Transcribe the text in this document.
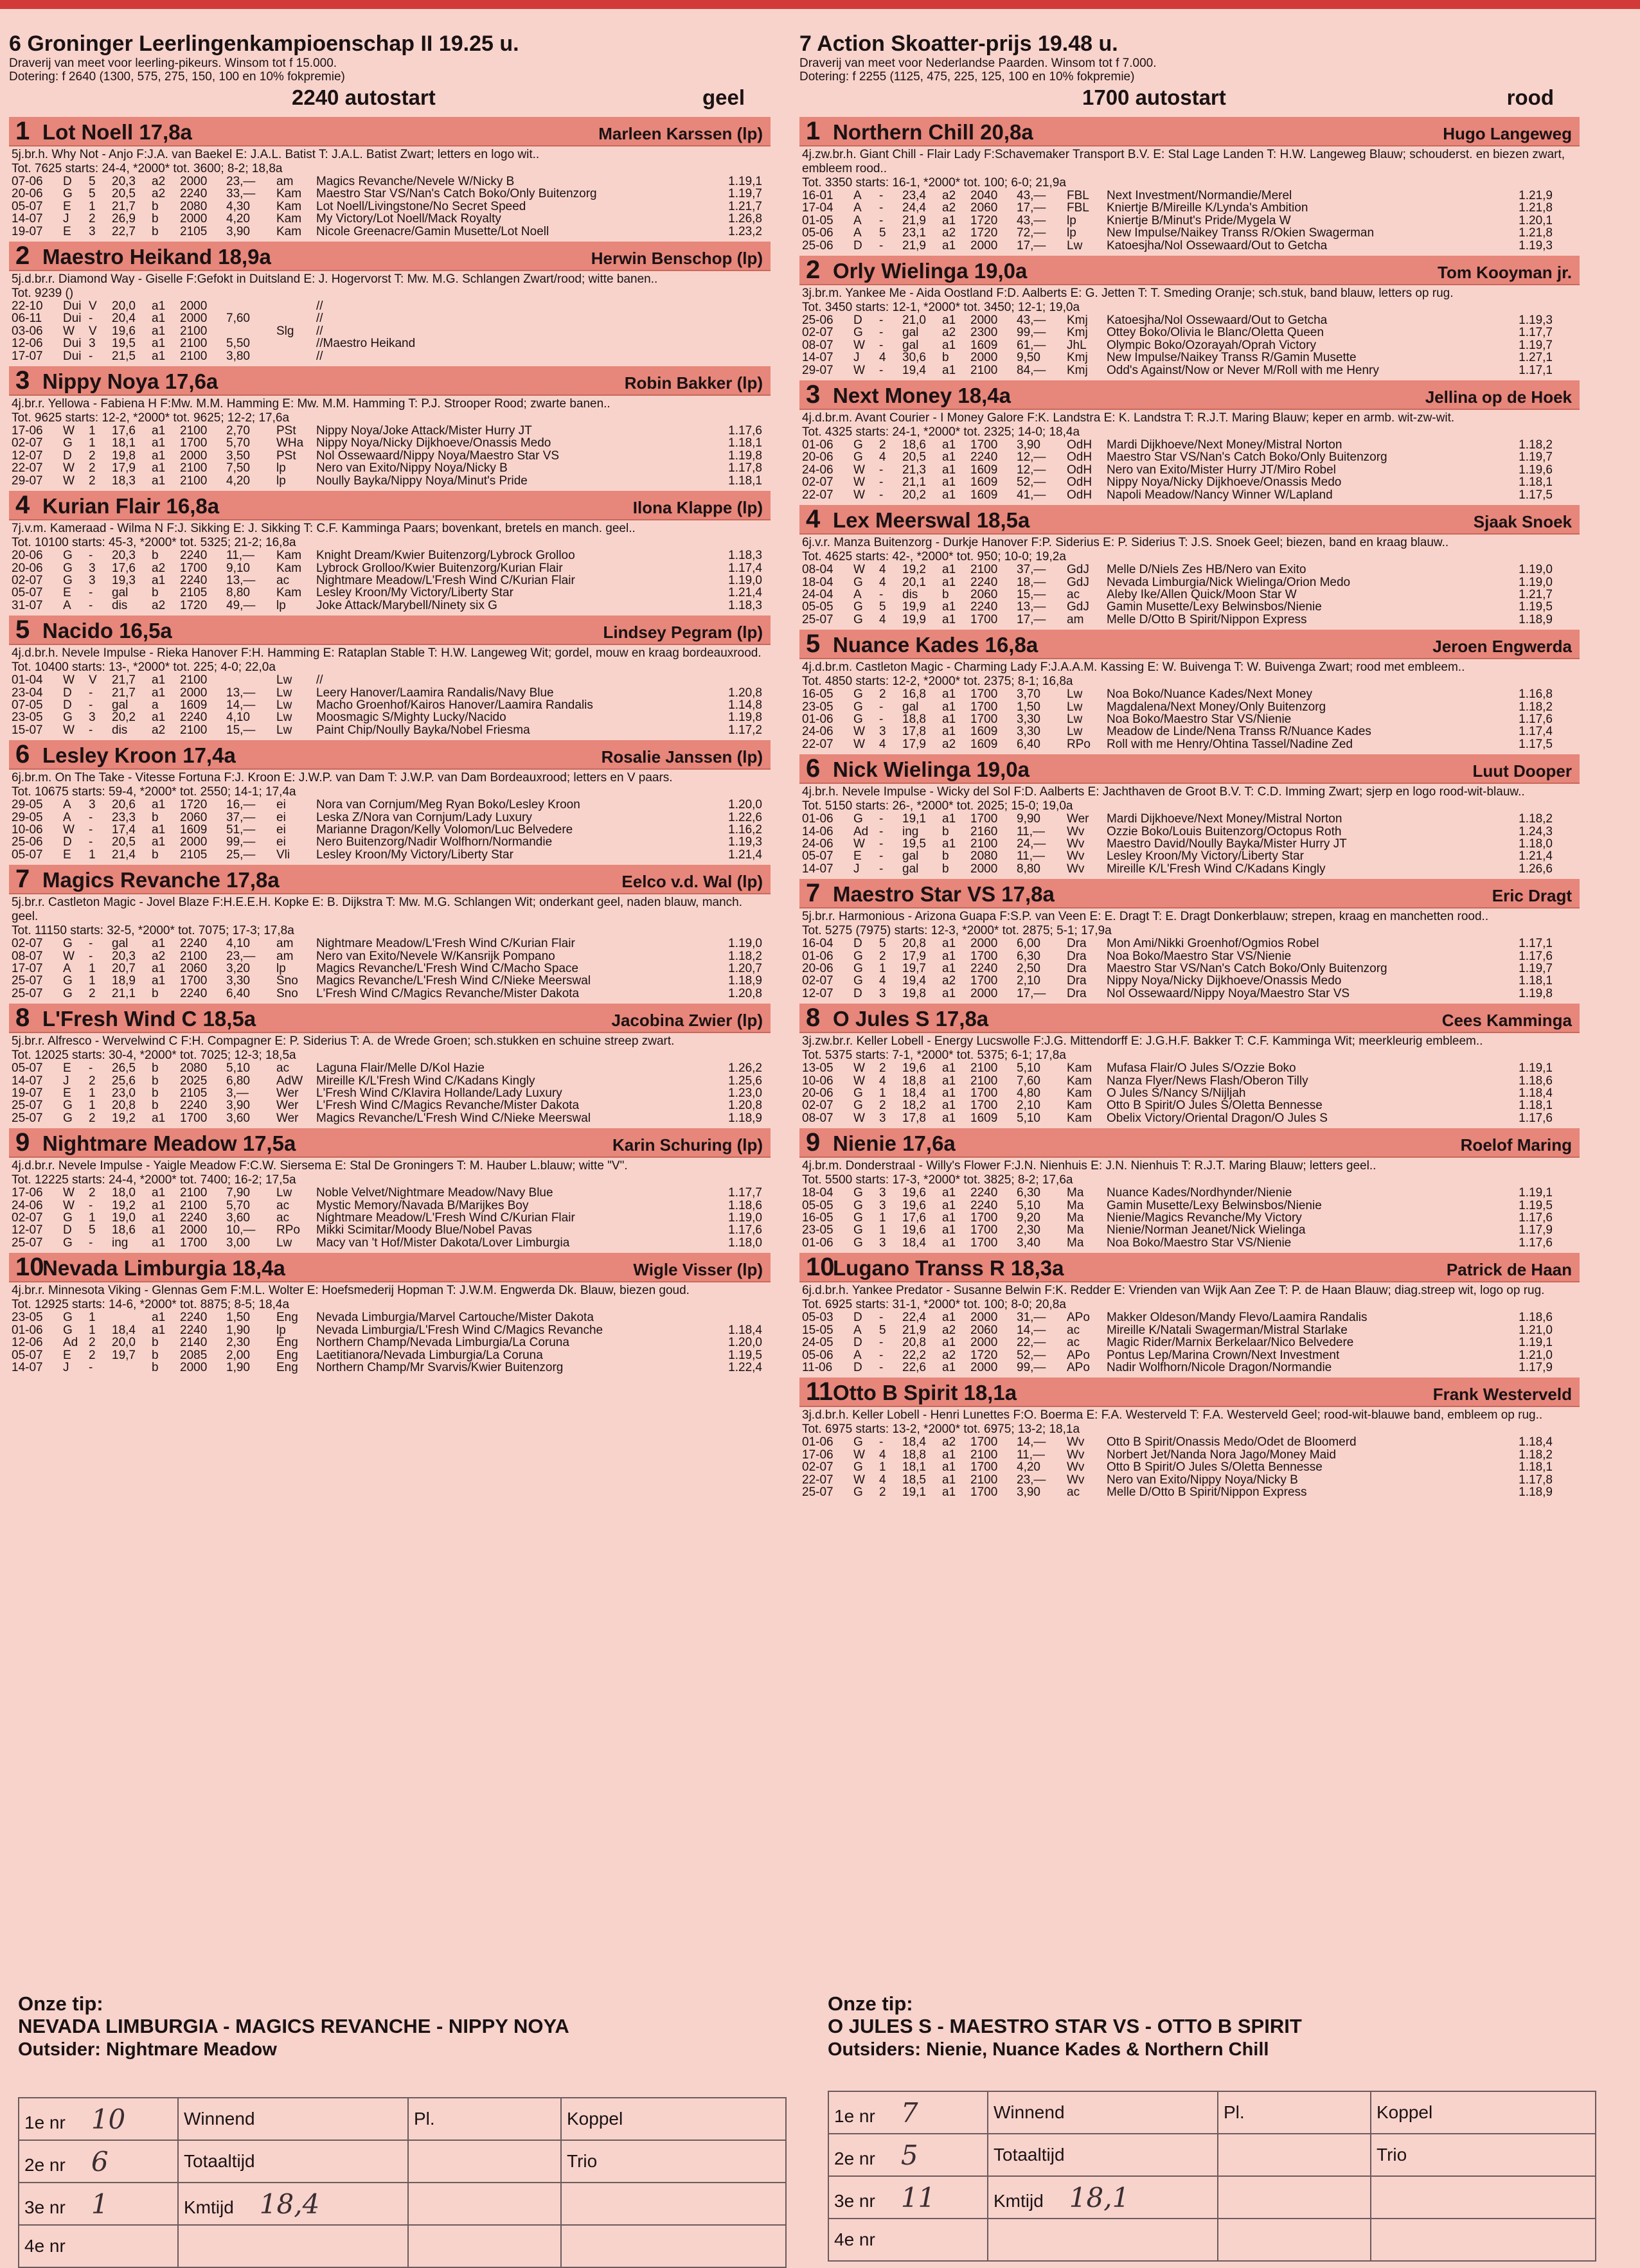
6 Groninger Leerlingenkampioenschap II 19.25 u.
Draverij van meet voor leerling-pikeurs. Winsom tot f 15.000.
Dotering: f 2640 (1300, 575, 275, 150, 100 en 10% fokpremie)
2240 autostart	geel
1 Lot Noell 17,8a	Marleen Karssen (lp)
5j.br.h. Why Not - Anjo F:J.A. van Baekel E: J.A.L. Batist T: J.A.L. Batist Zwart; letters en logo wit..
Tot. 7625 starts: 24-4, *2000* tot. 3600; 8-2; 18,8a
07-06	D	5	20,3	a2	2000	23,—	am	Magics Revanche/Nevele W/Nicky B	1.19,1
20-06	G	5	20,5	a2	2240	33,—	Kam	Maestro Star VS/Nan's Catch Boko/Only Buitenzorg	1.19,7
05-07	E	1	21,7	b	2080	4,30	Kam	Lot Noell/Livingstone/No Secret Speed	1.21,7
14-07	J	2	26,9	b	2000	4,20	Kam	My Victory/Lot Noell/Mack Royalty	1.26,8
19-07	E	3	22,7	b	2105	3,90	Kam	Nicole Greenacre/Gamin Musette/Lot Noell	1.23,2
2 Maestro Heikand 18,9a	Herwin Benschop (lp)
5j.d.br.r. Diamond Way - Giselle F:Gefokt in Duitsland E: J. Hogervorst T: Mw. M.G. Schlangen Zwart/rood; witte banen..
Tot. 9239 ()
22-10	Dui	V	20,0	a1	2000			//	
06-11	Dui	-	20,4	a1	2000	7,60		//	
03-06	W	V	19,6	a1	2100		Slg	//	
12-06	Dui	3	19,5	a1	2100	5,50		//Maestro Heikand	
17-07	Dui	-	21,5	a1	2100	3,80		//	
3 Nippy Noya 17,6a	Robin Bakker (lp)
4j.br.r. Yellowa - Fabiena H F:Mw. M.M. Hamming E: Mw. M.M. Hamming T: P.J. Strooper Rood; zwarte banen..
Tot. 9625 starts: 12-2, *2000* tot. 9625; 12-2; 17,6a
17-06	W	1	17,6	a1	2100	2,70	PSt	Nippy Noya/Joke Attack/Mister Hurry JT	1.17,6
02-07	G	1	18,1	a1	1700	5,70	WHa	Nippy Noya/Nicky Dijkhoeve/Onassis Medo	1.18,1
12-07	D	2	19,8	a1	2000	3,50	PSt	Nol Ossewaard/Nippy Noya/Maestro Star VS	1.19,8
22-07	W	2	17,9	a1	2100	7,50	lp	Nero van Exito/Nippy Noya/Nicky B	1.17,8
29-07	W	2	18,3	a1	2100	4,20	lp	Noully Bayka/Nippy Noya/Minut's Pride	1.18,1
4 Kurian Flair 16,8a	Ilona Klappe (lp)
7j.v.m. Kameraad - Wilma N F:J. Sikking E: J. Sikking T: C.F. Kamminga Paars; bovenkant, bretels en manch. geel..
Tot. 10100 starts: 45-3, *2000* tot. 5325; 21-2; 16,8a
20-06	G	-	20,3	b	2240	11,—	Kam	Knight Dream/Kwier Buitenzorg/Lybrock Grolloo	1.18,3
20-06	G	3	17,6	a2	1700	9,10	Kam	Lybrock Grolloo/Kwier Buitenzorg/Kurian Flair	1.17,4
02-07	G	3	19,3	a1	2240	13,—	ac	Nightmare Meadow/L'Fresh Wind C/Kurian Flair	1.19,0
05-07	E	-	gal	b	2105	8,80	Kam	Lesley Kroon/My Victory/Liberty Star	1.21,4
31-07	A	-	dis	a2	1720	49,—	lp	Joke Attack/Marybell/Ninety six G	1.18,3
5 Nacido 16,5a	Lindsey Pegram (lp)
4j.d.br.h. Nevele Impulse - Rieka Hanover F:H. Hamming E: Rataplan Stable T: H.W. Langeweg Wit; gordel, mouw en kraag bordeauxrood.
Tot. 10400 starts: 13-, *2000* tot. 225; 4-0; 22,0a
01-04	W	V	21,7	a1	2100		Lw	//	
23-04	D	-	21,7	a1	2000	13,—	Lw	Leery Hanover/Laamira Randalis/Navy Blue	1.20,8
07-05	D	-	gal	a	1609	14,—	Lw	Macho Groenhof/Kairos Hanover/Laamira Randalis	1.14,8
23-05	G	3	20,2	a1	2240	4,10	Lw	Moosmagic S/Mighty Lucky/Nacido	1.19,8
15-07	W	-	dis	a2	2100	15,—	Lw	Paint Chip/Noully Bayka/Nobel Friesma	1.17,2
6 Lesley Kroon 17,4a	Rosalie Janssen (lp)
6j.br.m. On The Take - Vitesse Fortuna F:J. Kroon E: J.W.P. van Dam T: J.W.P. van Dam Bordeauxrood; letters en V paars.
Tot. 10675 starts: 59-4, *2000* tot. 2550; 14-1; 17,4a
29-05	A	3	20,6	a1	1720	16,—	ei	Nora van Cornjum/Meg Ryan Boko/Lesley Kroon	1.20,0
29-05	A	-	23,3	b	2060	37,—	ei	Leska Z/Nora van Cornjum/Lady Luxury	1.22,6
10-06	W	-	17,4	a1	1609	51,—	ei	Marianne Dragon/Kelly Volomon/Luc Belvedere	1.16,2
25-06	D	-	20,5	a1	2000	99,—	ei	Nero Buitenzorg/Nadir Wolfhorn/Normandie	1.19,3
05-07	E	1	21,4	b	2105	25,—	Vli	Lesley Kroon/My Victory/Liberty Star	1.21,4
7 Magics Revanche 17,8a	Eelco v.d. Wal (lp)
5j.br.r. Castleton Magic - Jovel Blaze F:H.E.E.H. Kopke E: B. Dijkstra T: Mw. M.G. Schlangen Wit; onderkant geel, naden blauw, manch. geel.
Tot. 11150 starts: 32-5, *2000* tot. 7075; 17-3; 17,8a
02-07	G	-	gal	a1	2240	4,10	am	Nightmare Meadow/L'Fresh Wind C/Kurian Flair	1.19,0
08-07	W	-	20,3	a2	2100	23,—	am	Nero van Exito/Nevele W/Kansrijk Pompano	1.18,2
17-07	A	1	20,7	a1	2060	3,20	lp	Magics Revanche/L'Fresh Wind C/Macho Space	1.20,7
25-07	G	1	18,9	a1	1700	3,30	Sno	Magics Revanche/L'Fresh Wind C/Nieke Meerswal	1.18,9
25-07	G	2	21,1	b	2240	6,40	Sno	L'Fresh Wind C/Magics Revanche/Mister Dakota	1.20,8
8 L'Fresh Wind C 18,5a	Jacobina Zwier (lp)
5j.br.r. Alfresco - Wervelwind C F:H. Compagner E: P. Siderius T: A. de Wrede Groen; sch.stukken en schuine streep zwart.
Tot. 12025 starts: 30-4, *2000* tot. 7025; 12-3; 18,5a
05-07	E	-	26,5	b	2080	5,10	ac	Laguna Flair/Melle D/Kol Hazie	1.26,2
14-07	J	2	25,6	b	2025	6,80	AdW	Mireille K/L'Fresh Wind C/Kadans Kingly	1.25,6
19-07	E	1	23,0	b	2105	3,—	Wer	L'Fresh Wind C/Klavira Hollande/Lady Luxury	1.23,0
25-07	G	1	20,8	b	2240	3,90	Wer	L'Fresh Wind C/Magics Revanche/Mister Dakota	1.20,8
25-07	G	2	19,2	a1	1700	3,60	Wer	Magics Revanche/L'Fresh Wind C/Nieke Meerswal	1.18,9
9 Nightmare Meadow 17,5a	Karin Schuring (lp)
4j.d.br.r. Nevele Impulse - Yaigle Meadow F:C.W. Siersema E: Stal De Groningers T: M. Hauber L.blauw; witte "V".
Tot. 12225 starts: 24-4, *2000* tot. 7400; 16-2; 17,5a
17-06	W	2	18,0	a1	2100	7,90	Lw	Noble Velvet/Nightmare Meadow/Navy Blue	1.17,7
24-06	W	-	19,2	a1	2100	5,70	ac	Mystic Memory/Navada B/Marijkes Boy	1.18,6
02-07	G	1	19,0	a1	2240	3,60	ac	Nightmare Meadow/L'Fresh Wind C/Kurian Flair	1.19,0
12-07	D	5	18,6	a1	2000	10,—	RPo	Mikki Scimitar/Moody Blue/Nobel Pavas	1.17,6
25-07	G	-	ing	a1	1700	3,00	Lw	Macy van 't Hof/Mister Dakota/Lover Limburgia	1.18,0
10
Nevada Limburgia 18,4a	Wigle Visser (lp)
4j.br.r. Minnesota Viking - Glennas Gem F:M.L. Wolter E: Hoefsmederij Hopman T: J.W.M. Engwerda Dk. Blauw, biezen goud.
Tot. 12925 starts: 14-6, *2000* tot. 8875; 8-5; 18,4a
23-05	G	1		a1	2240	1,50	Eng	Nevada Limburgia/Marvel Cartouche/Mister Dakota	
01-06	G	1	18,4	a1	2240	1,90	lp	Nevada Limburgia/L'Fresh Wind C/Magics Revanche	1.18,4
12-06	Ad	2	20,0	b	2140	2,30	Eng	Northern Champ/Nevada Limburgia/La Coruna	1.20,0
05-07	E	2	19,7	b	2085	2,00	Eng	Laetitianora/Nevada Limburgia/La Coruna	1.19,5
14-07	J	-		b	2000	1,90	Eng	Northern Champ/Mr Svarvis/Kwier Buitenzorg	1.22,4
7 Action Skoatter-prijs 19.48 u.
Draverij van meet voor Nederlandse Paarden. Winsom tot f 7.000.
Dotering: f 2255 (1125, 475, 225, 125, 100 en 10% fokpremie)
1700 autostart	rood
1 Northern Chill 20,8a	Hugo Langeweg
4j.zw.br.h. Giant Chill - Flair Lady F:Schavemaker Transport B.V. E: Stal Lage Landen T: H.W. Langeweg Blauw; schouderst. en biezen zwart, embleem rood..
Tot. 3350 starts: 16-1, *2000* tot. 100; 6-0; 21,9a
16-01	A	-	23,4	a2	2040	43,—	FBL	Next Investment/Normandie/Merel	1.21,9
17-04	A	-	24,4	a2	2060	17,—	FBL	Kniertje B/Mireille K/Lynda's Ambition	1.21,8
01-05	A	-	21,9	a1	1720	43,—	lp	Kniertje B/Minut's Pride/Mygela W	1.20,1
05-06	A	5	23,1	a2	1720	72,—	lp	New Impulse/Naikey Transs R/Okien Swagerman	1.21,8
25-06	D	-	21,9	a1	2000	17,—	Lw	Katoesjha/Nol Ossewaard/Out to Getcha	1.19,3
2 Orly Wielinga 19,0a	Tom Kooyman jr.
3j.br.m. Yankee Me - Aida Oostland F:D. Aalberts E: G. Jetten T: T. Smeding Oranje; sch.stuk, band blauw, letters op rug.
Tot. 3450 starts: 12-1, *2000* tot. 3450; 12-1; 19,0a
25-06	D	-	21,0	a1	2000	43,—	Kmj	Katoesjha/Nol Ossewaard/Out to Getcha	1.19,3
02-07	G	-	gal	a2	2300	99,—	Kmj	Ottey Boko/Olivia le Blanc/Oletta Queen	1.17,7
08-07	W	-	gal	a1	1609	61,—	JhL	Olympic Boko/Ozorayah/Oprah Victory	1.19,7
14-07	J	4	30,6	b	2000	9,50	Kmj	New Impulse/Naikey Transs R/Gamin Musette	1.27,1
29-07	W	-	19,4	a1	2100	84,—	Kmj	Odd's Against/Now or Never M/Roll with me Henry	1.17,1
3 Next Money 18,4a	Jellina op de Hoek
4j.d.br.m. Avant Courier - I Money Galore F:K. Landstra E: K. Landstra T: R.J.T. Maring Blauw; keper en armb. wit-zw-wit.
Tot. 4325 starts: 24-1, *2000* tot. 2325; 14-0; 18,4a
01-06	G	2	18,6	a1	1700	3,90	OdH	Mardi Dijkhoeve/Next Money/Mistral Norton	1.18,2
20-06	G	4	20,5	a1	2240	12,—	OdH	Maestro Star VS/Nan's Catch Boko/Only Buitenzorg	1.19,7
24-06	W	-	21,3	a1	1609	12,—	OdH	Nero van Exito/Mister Hurry JT/Miro Robel	1.19,6
02-07	W	-	21,1	a1	1609	52,—	OdH	Nippy Noya/Nicky Dijkhoeve/Onassis Medo	1.18,1
22-07	W	-	20,2	a1	1609	41,—	OdH	Napoli Meadow/Nancy Winner W/Lapland	1.17,5
4 Lex Meerswal 18,5a	Sjaak Snoek
6j.v.r. Manza Buitenzorg - Durkje Hanover F:P. Siderius E: P. Siderius T: J.S. Snoek Geel; biezen, band en kraag blauw..
Tot. 4625 starts: 42-, *2000* tot. 950; 10-0; 19,2a
08-04	W	4	19,2	a1	2100	37,—	GdJ	Melle D/Niels Zes HB/Nero van Exito	1.19,0
18-04	G	4	20,1	a1	2240	18,—	GdJ	Nevada Limburgia/Nick Wielinga/Orion Medo	1.19,0
24-04	A	-	dis	b	2060	15,—	ac	Aleby Ike/Allen Quick/Moon Star W	1.21,7
05-05	G	5	19,9	a1	2240	13,—	GdJ	Gamin Musette/Lexy Belwinsbos/Nienie	1.19,5
25-07	G	4	19,9	a1	1700	17,—	am	Melle D/Otto B Spirit/Nippon Express	1.18,9
5 Nuance Kades 16,8a	Jeroen Engwerda
4j.d.br.m. Castleton Magic - Charming Lady F:J.A.A.M. Kassing E: W. Buivenga T: W. Buivenga Zwart; rood met embleem..
Tot. 4850 starts: 12-2, *2000* tot. 2375; 8-1; 16,8a
16-05	G	2	16,8	a1	1700	3,70	Lw	Noa Boko/Nuance Kades/Next Money	1.16,8
23-05	G	-	gal	a1	1700	1,50	Lw	Magdalena/Next Money/Only Buitenzorg	1.18,2
01-06	G	-	18,8	a1	1700	3,30	Lw	Noa Boko/Maestro Star VS/Nienie	1.17,6
24-06	W	3	17,8	a1	1609	3,30	Lw	Meadow de Linde/Nena Transs R/Nuance Kades	1.17,4
22-07	W	4	17,9	a2	1609	6,40	RPo	Roll with me Henry/Ohtina Tassel/Nadine Zed	1.17,5
6 Nick Wielinga 19,0a	Luut Dooper
4j.br.h. Nevele Impulse - Wicky del Sol F:D. Aalberts E: Jachthaven de Groot B.V. T: C.D. Imming Zwart; sjerp en logo rood-wit-blauw..
Tot. 5150 starts: 26-, *2000* tot. 2025; 15-0; 19,0a
01-06	G	-	19,1	a1	1700	9,90	Wer	Mardi Dijkhoeve/Next Money/Mistral Norton	1.18,2
14-06	Ad	-	ing	b	2160	11,—	Wv	Ozzie Boko/Louis Buitenzorg/Octopus Roth	1.24,3
24-06	W	-	19,5	a1	2100	24,—	Wv	Maestro David/Noully Bayka/Mister Hurry JT	1.18,0
05-07	E	-	gal	b	2080	11,—	Wv	Lesley Kroon/My Victory/Liberty Star	1.21,4
14-07	J	-	gal	b	2000	8,80	Wv	Mireille K/L'Fresh Wind C/Kadans Kingly	1.26,6
7 Maestro Star VS 17,8a	Eric Dragt
5j.br.r. Harmonious - Arizona Guapa F:S.P. van Veen E: E. Dragt T: E. Dragt Donkerblauw; strepen, kraag en manchetten rood..
Tot. 5275 (7975) starts: 12-3, *2000* tot. 2875; 5-1; 17,9a
16-04	D	5	20,8	a1	2000	6,00	Dra	Mon Ami/Nikki Groenhof/Ogmios Robel	1.17,1
01-06	G	2	17,9	a1	1700	6,30	Dra	Noa Boko/Maestro Star VS/Nienie	1.17,6
20-06	G	1	19,7	a1	2240	2,50	Dra	Maestro Star VS/Nan's Catch Boko/Only Buitenzorg	1.19,7
02-07	G	4	19,4	a2	1700	2,10	Dra	Nippy Noya/Nicky Dijkhoeve/Onassis Medo	1.18,1
12-07	D	3	19,8	a1	2000	17,—	Dra	Nol Ossewaard/Nippy Noya/Maestro Star VS	1.19,8
8 O Jules S 17,8a	Cees Kamminga
3j.zw.br.r. Keller Lobell - Energy Lucswolle F:J.G. Mittendorff E: J.G.H.F. Bakker T: C.F. Kamminga Wit; meerkleurig embleem..
Tot. 5375 starts: 7-1, *2000* tot. 5375; 6-1; 17,8a
13-05	W	2	19,6	a1	2100	5,10	Kam	Mufasa Flair/O Jules S/Ozzie Boko	1.19,1
10-06	W	4	18,8	a1	2100	7,60	Kam	Nanza Flyer/News Flash/Oberon Tilly	1.18,6
20-06	G	1	18,4	a1	1700	4,80	Kam	O Jules S/Nancy S/Nijljah	1.18,4
02-07	G	2	18,2	a1	1700	2,10	Kam	Otto B Spirit/O Jules S/Oletta Bennesse	1.18,1
08-07	W	3	17,8	a1	1609	5,10	Kam	Obelix Victory/Oriental Dragon/O Jules S	1.17,6
9 Nienie 17,6a	Roelof Maring
4j.br.m. Donderstraal - Willy's Flower F:J.N. Nienhuis E: J.N. Nienhuis T: R.J.T. Maring Blauw; letters geel..
Tot. 5500 starts: 17-3, *2000* tot. 3825; 8-2; 17,6a
18-04	G	3	19,6	a1	2240	6,30	Ma	Nuance Kades/Nordhynder/Nienie	1.19,1
05-05	G	3	19,6	a1	2240	5,10	Ma	Gamin Musette/Lexy Belwinsbos/Nienie	1.19,5
16-05	G	1	17,6	a1	1700	9,20	Ma	Nienie/Magics Revanche/My Victory	1.17,6
23-05	G	1	19,6	a1	1700	2,30	Ma	Nienie/Norman Jeanet/Nick Wielinga	1.17,9
01-06	G	3	18,4	a1	1700	3,40	Ma	Noa Boko/Maestro Star VS/Nienie	1.17,6
10
Lugano Transs R 18,3a	Patrick de Haan
6j.d.br.h. Yankee Predator - Susanne Belwin F:K. Redder E: Vrienden van Wijk Aan Zee T: P. de Haan Blauw; diag.streep wit, logo op rug.
Tot. 6925 starts: 31-1, *2000* tot. 100; 8-0; 20,8a
05-03	D	-	22,4	a1	2000	31,—	APo	Makker Oldeson/Mandy Flevo/Laamira Randalis	1.18,6
15-05	A	5	21,9	a2	2060	14,—	ac	Mireille K/Natali Swagerman/Mistral Starlake	1.21,0
24-05	D	-	20,8	a1	2000	22,—	ac	Magic Rider/Marnix Berkelaar/Nico Belvedere	1.19,1
05-06	A	-	22,2	a2	1720	52,—	APo	Pontus Lep/Marina Crown/Next Investment	1.21,0
11-06	D	-	22,6	a1	2000	99,—	APo	Nadir Wolfhorn/Nicole Dragon/Normandie	1.17,9
11 Otto B Spirit 18,1a	Frank Westerveld
3j.d.br.h. Keller Lobell - Henri Lunettes F:O. Boerma E: F.A. Westerveld T: F.A. Westerveld Geel; rood-wit-blauwe band, embleem op rug..
Tot. 6975 starts: 13-2, *2000* tot. 6975; 13-2; 18,1a
01-06	G	-	18,4	a2	1700	14,—	Wv	Otto B Spirit/Onassis Medo/Odet de Bloomerd	1.18,4
17-06	W	4	18,8	a1	2100	11,—	Wv	Norbert Jet/Nanda Nora Jago/Money Maid	1.18,2
02-07	G	1	18,1	a1	1700	4,20	Wv	Otto B Spirit/O Jules S/Oletta Bennesse	1.18,1
22-07	W	4	18,5	a1	2100	23,—	Wv	Nero van Exito/Nippy Noya/Nicky B	1.17,8
25-07	G	2	19,1	a1	1700	3,90	ac	Melle D/Otto B Spirit/Nippon Express	1.18,9
Onze tip:
NEVADA LIMBURGIA - MAGICS REVANCHE - NIPPY NOYA
Outsider: Nightmare Meadow
Onze tip:
O JULES S - MAESTRO STAR VS - OTTO B SPIRIT
Outsiders: Nienie, Nuance Kades & Northern Chill
1e nr 10	Winnend	Pl.	Koppel
2e nr 6	Totaaltijd		Trio
3e nr 1	Kmtijd 18,4		
4e nr			
1e nr 7	Winnend	Pl.	Koppel
2e nr 5	Totaaltijd		Trio
3e nr 11	Kmtijd 18,1		
4e nr			
